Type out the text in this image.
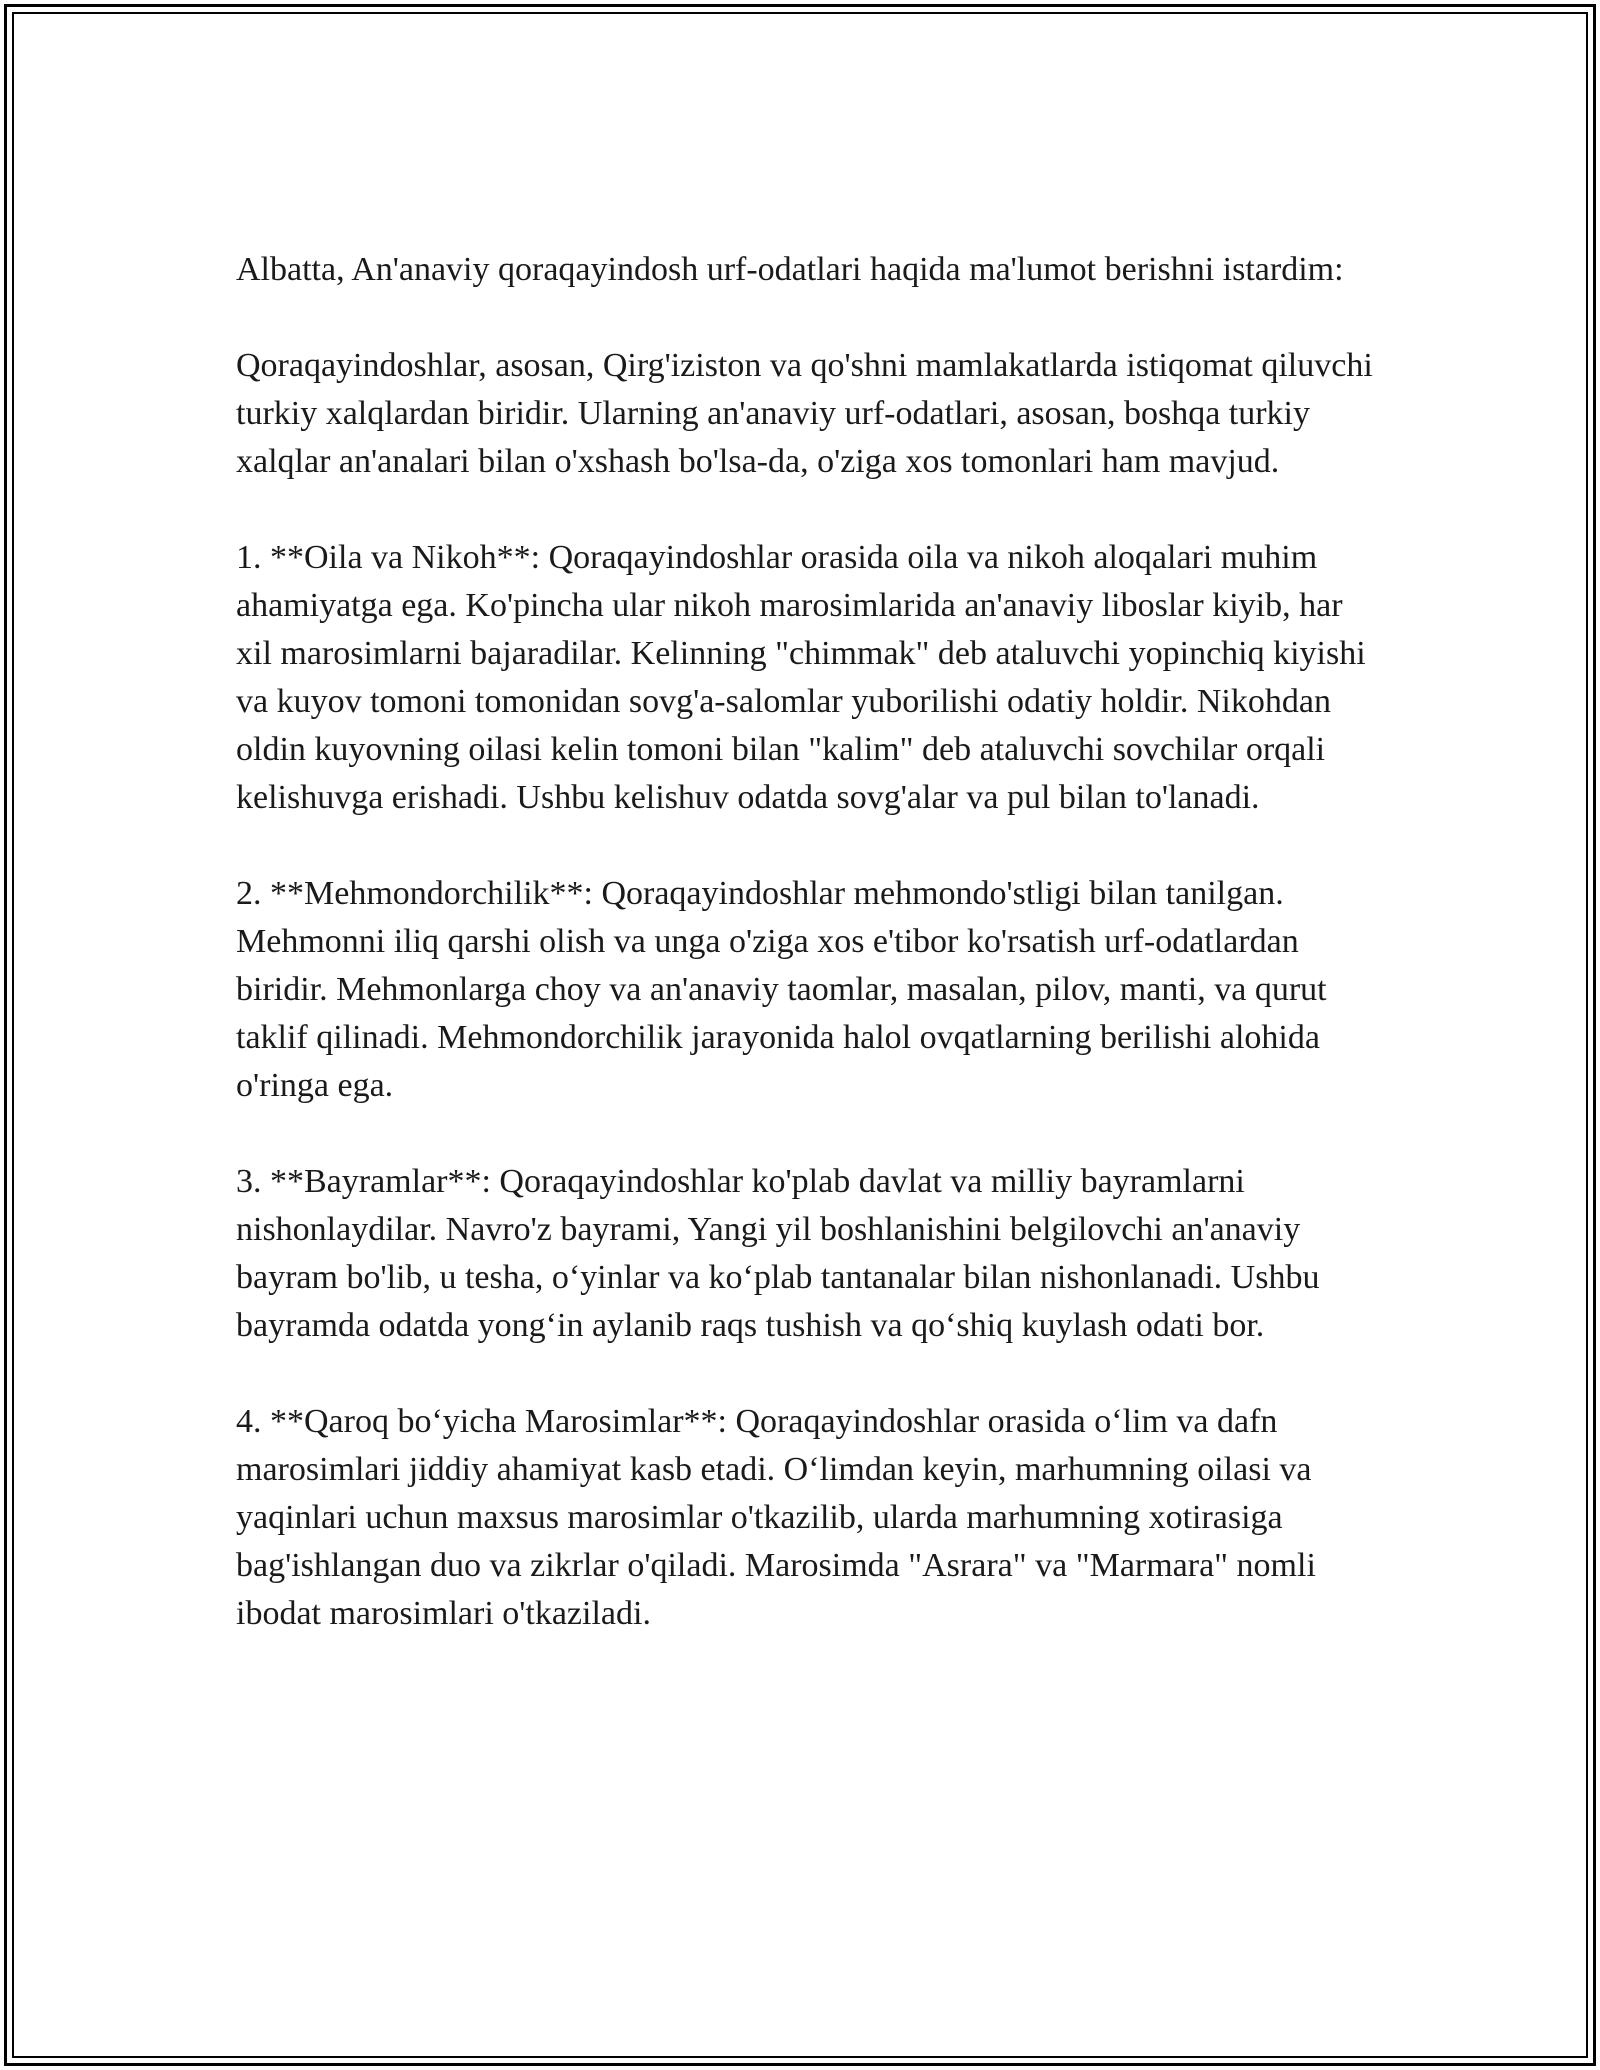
Albatta, An'anaviy qoraqayindosh urf-odatlari haqida ma'lumot berishni istardim:

Qoraqayindoshlar, asosan, Qirg'iziston va qo'shni mamlakatlarda istiqomat qiluvchi turkiy xalqlardan biridir. Ularning an'anaviy urf-odatlari, asosan, boshqa turkiy xalqlar an'analari bilan o'xshash bo'lsa-da, o'ziga xos tomonlari ham mavjud.

1. **Oila va Nikoh**: Qoraqayindoshlar orasida oila va nikoh aloqalari muhim ahamiyatga ega. Ko'pincha ular nikoh marosimlarida an'anaviy liboslar kiyib, har xil marosimlarni bajaradilar. Kelinning "chimmak" deb ataluvchi yopinchiq kiyishi va kuyov tomoni tomonidan sovg'a-salomlar yuborilishi odatiy holdir. Nikohdan oldin kuyovning oilasi kelin tomoni bilan "kalim" deb ataluvchi sovchilar orqali kelishuvga erishadi. Ushbu kelishuv odatda sovg'alar va pul bilan to'lanadi.

2. **Mehmondorchilik**: Qoraqayindoshlar mehmondo'stligi bilan tanilgan. Mehmonni iliq qarshi olish va unga o'ziga xos e'tibor ko'rsatish urf-odatlardan biridir. Mehmonlarga choy va an'anaviy taomlar, masalan, pilov, manti, va qurut taklif qilinadi. Mehmondorchilik jarayonida halol ovqatlarning berilishi alohida o'ringa ega.

3. **Bayramlar**: Qoraqayindoshlar ko'plab davlat va milliy bayramlarni nishonlaydilar. Navro'z bayrami, Yangi yil boshlanishini belgilovchi an'anaviy bayram bo'lib, u tesha, o‘yinlar va ko‘plab tantanalar bilan nishonlanadi. Ushbu bayramda odatda yong‘in aylanib raqs tushish va qo‘shiq kuylash odati bor.

4. **Qaroq bo‘yicha Marosimlar**: Qoraqayindoshlar orasida o‘lim va dafn marosimlari jiddiy ahamiyat kasb etadi. O‘limdan keyin, marhumning oilasi va yaqinlari uchun maxsus marosimlar o'tkazilib, ularda marhumning xotirasiga bag'ishlangan duo va zikrlar o'qiladi. Marosimda "Asrara" va "Marmara" nomli ibodat marosimlari o'tkaziladi.
